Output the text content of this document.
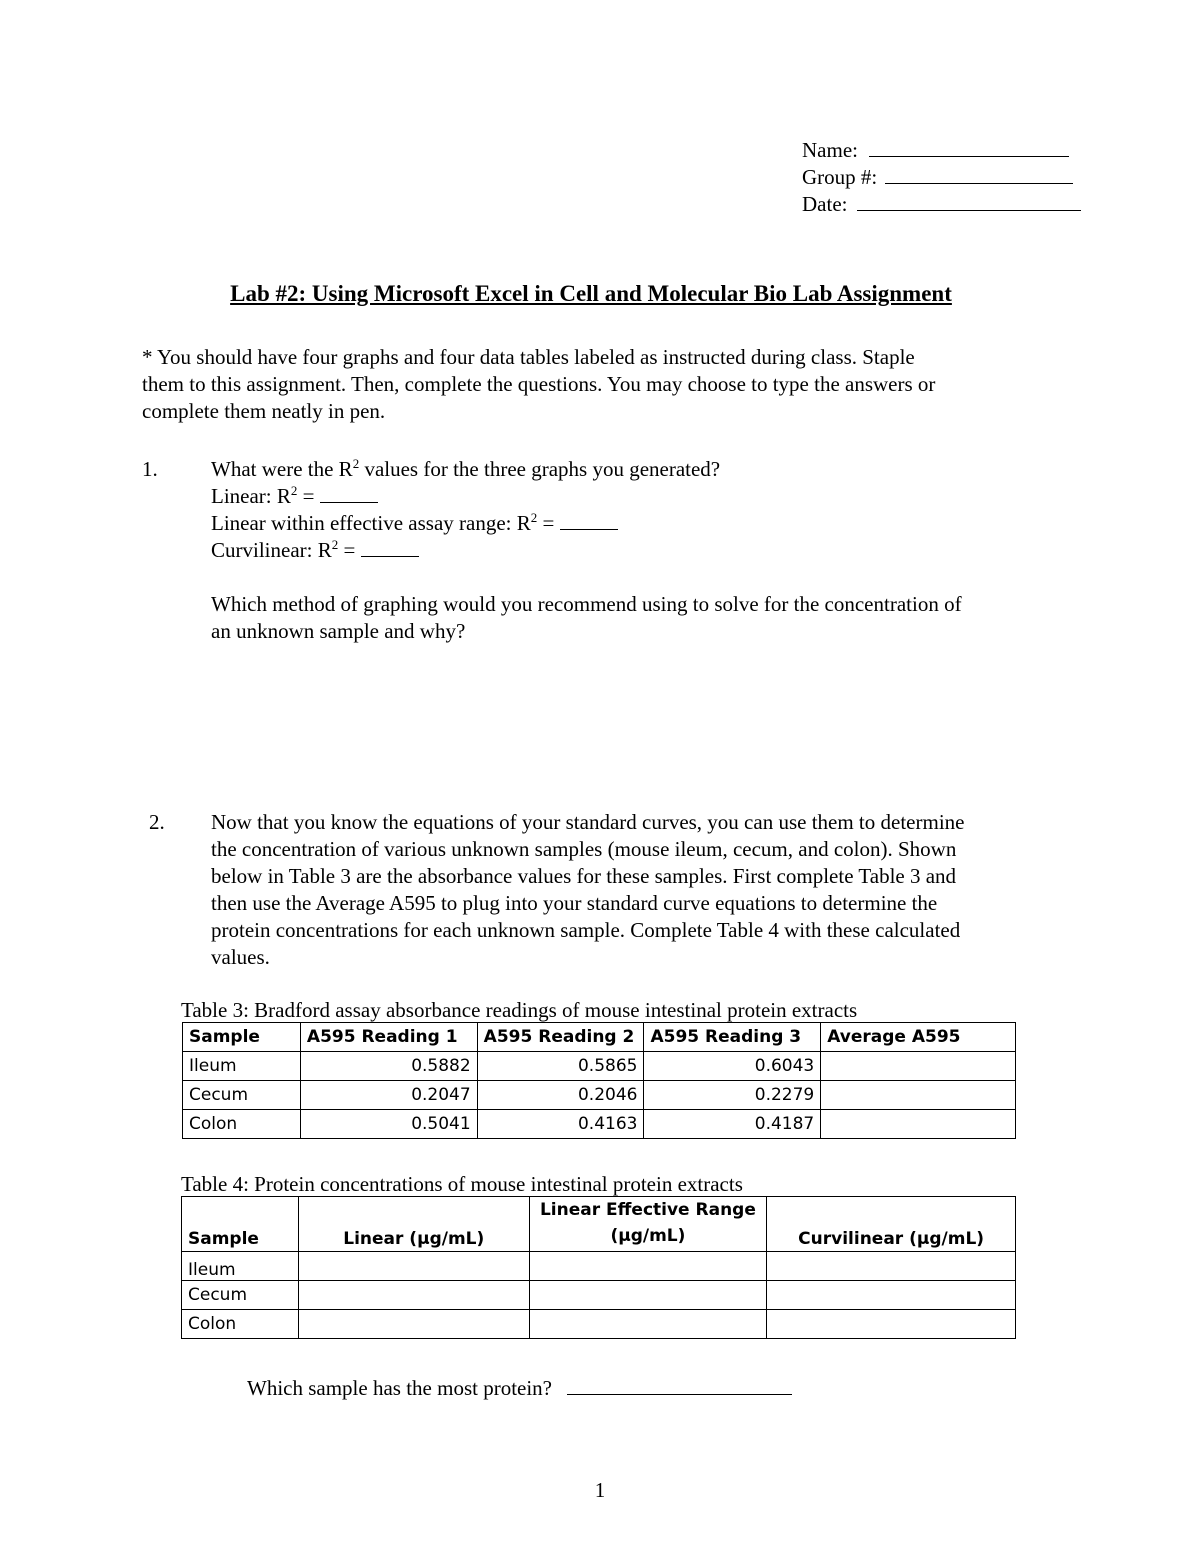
Name:
Group #:
Date:
Lab #2: Using Microsoft Excel in Cell and Molecular Bio Lab Assignment
* You should have four graphs and four data tables labeled as instructed during class. Staple
them to this assignment. Then, complete the questions. You may choose to type the answers or
complete them neatly in pen.
1.	What were the $R^2$ values for the three graphs you generated?
Linear: $R^2$ =
Linear within effective assay range: $R^2$ =
Curvilinear: $R^2$ =
Which method of graphing would you recommend using to solve for the concentration of
an unknown sample and why?
2. Now that you know the equations of your standard curves, you can use them to determine
the concentration of various unknown samples (mouse ileum, cecum, and colon). Shown
below in Table 3 are the absorbance values for these samples. First complete Table 3 and
then use the Average A595 to plug into your standard curve equations to determine the
protein concentrations for each unknown sample. Complete Table 4 with these calculated
values.
Table 3: Bradford assay absorbance readings of mouse intestinal protein extracts
Sample	A595 Reading 1	A595 Reading 2	A595 Reading 3	Average A595
Ileum	0.5882	0.5865	0.6043	
Cecum	0.2047	0.2046	0.2279	
Colon	0.5041	0.4163	0.4187	
Table 4: Protein concentrations of mouse intestinal protein extracts
Sample	Linear (µg/mL)	Linear Effective Range
(µg/mL)	Curvilinear (µg/mL)
Ileum			
Cecum			
Colon			
Which sample has the most protein?
1
